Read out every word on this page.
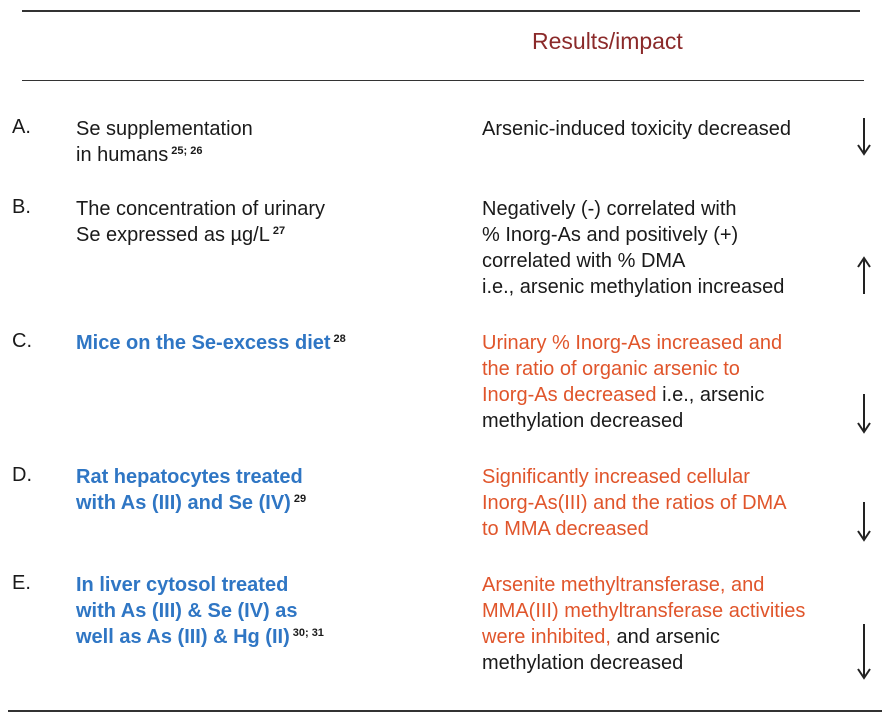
Results/impact
A. Se supplementation
in humans $^{25; 26}$
Arsenic-induced toxicity decreased
B. The concentration of urinary
Se expressed as µg/L $^{27}$
Negatively (-) correlated with
% Inorg-As and positively (+)
correlated with % DMA
i.e., arsenic methylation increased
C. Mice on the Se-excess diet $^{28}$	Urinary % Inorg-As increased and
the ratio of organic arsenic to
Inorg-As decreased i.e., arsenic
methylation decreased
D. Rat hepatocytes treated
with As (III) and Se (IV) $^{29}$
Significantly increased cellular
Inorg-As(III) and the ratios of DMA
to MMA decreased
E. In liver cytosol treated
with As (III) & Se (IV) as
well as As (III) & Hg (II) $^{30; 31}$
Arsenite methyltransferase, and
MMA(III) methyltransferase activities
were inhibited, and arsenic
methylation decreased
